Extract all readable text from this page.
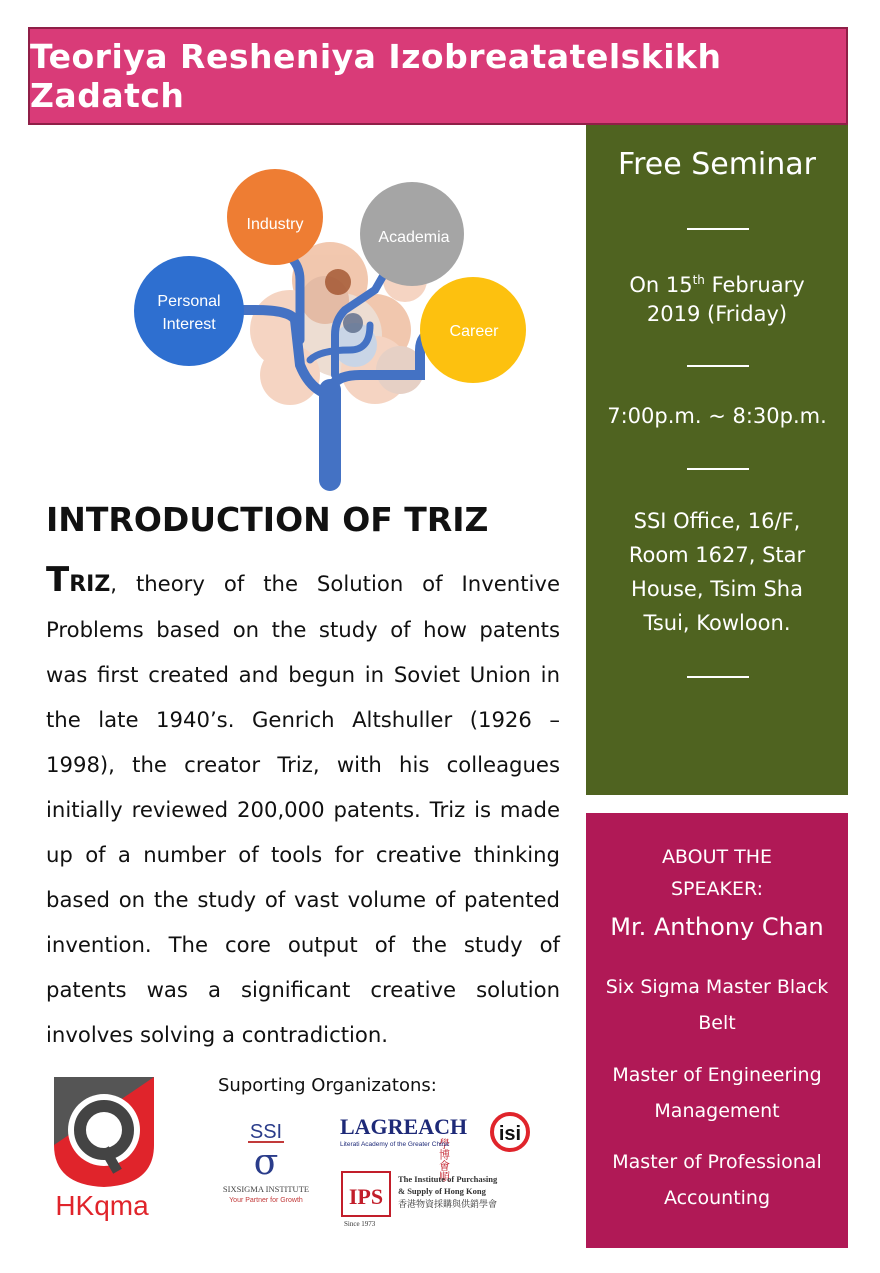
Teoriya Resheniya Izobreatatelskikh Zadatch
Personal
Interest
Industry
Academia
Career
INTRODUCTION OF TRIZ
TRIZ, theory of the Solution of Inventive Problems based on the study of how patents was first created and begun in Soviet Union in the late 1940’s. Genrich Altshuller (1926 – 1998), the creator Triz, with his colleagues initially reviewed 200,000 patents. Triz is made up of a number of tools for creative thinking based on the study of vast volume of patented invention. The core output of the study of patents was a significant creative solution involves solving a contradiction.
Free Seminar
On 15th February
2019 (Friday)
7:00p.m. ~ 8:30p.m.
SSI Office, 16/F,
Room 1627, Star
House, Tsim Sha
Tsui, Kowloon.
ABOUT THE
SPEAKER:
Mr. Anthony Chan
Six Sigma Master Black
Belt
Master of Engineering
Management
Master of Professional
Accounting
Suporting Organizatons:
HKqma
SSI
σ
SIXSIGMA INSTITUTE
Your Partner for Growth
LAGREACH
學博會順
Literati Academy of the Greater China	isi
IPS
Since 1973
The Institute of Purchasing
& Supply of Hong Kong
香港物資採購與供銷學會
